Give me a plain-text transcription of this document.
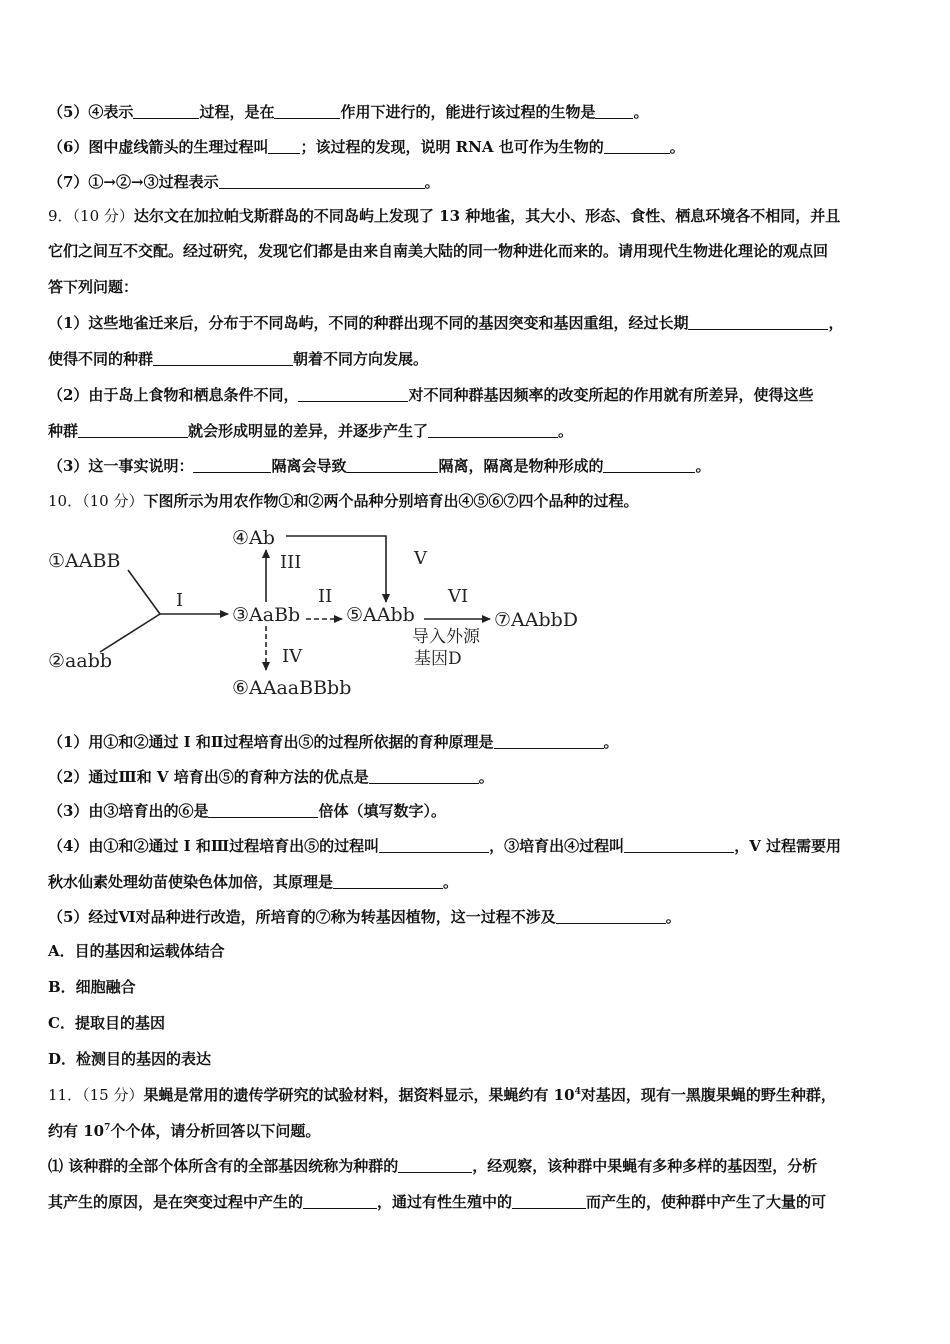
（5）④表示	过程，是在	作用下进行的，能进行该过程的生物是	。
（6）图中虚线箭头的生理过程叫 ；该过程的发现，说明 RNA 也可作为生物的	。
（7）①→②→③过程表示	。
9．（10 分）达尔文在加拉帕戈斯群岛的不同岛屿上发现了 13 种地雀，其大小、形态、食性、栖息环境各不相同，并且
它们之间互不交配。经过研究，发现它们都是由来自南美大陆的同一物种进化而来的。请用现代生物进化理论的观点回
答下列问题：
（1）这些地雀迁来后，分布于不同岛屿，不同的种群出现不同的基因突变和基因重组，经过长期	，
使得不同的种群	朝着不同方向发展。
（2）由于岛上食物和栖息条件不同，	对不同种群基因频率的改变所起的作用就有所差异，使得这些
种群	就会形成明显的差异，并逐步产生了	。
（3）这一事实说明：	隔离会导致	隔离，隔离是物种形成的	。
10．（10 分）下图所示为用农作物①和②两个品种分别培育出④⑤⑥⑦四个品种的过程。
①AABB
②aabb
③AaBb
④Ab
⑤AAbb
⑥AAaaBBbb
⑦AAbbD
I	II
III
IV
V
VI
导入外源
基因D
（1）用①和②通过 I 和Ⅱ过程培育出⑤的过程所依据的育种原理是	。
（2）通过Ⅲ和 V 培育出⑤的育种方法的优点是	。
（3）由③培育出的⑥是	倍体（填写数字）。
（4）由①和②通过 I 和Ⅲ过程培育出⑤的过程叫	，③培育出④过程叫	，V 过程需要用
秋水仙素处理幼苗使染色体加倍，其原理是	。
（5）经过Ⅵ对品种进行改造，所培育的⑦称为转基因植物，这一过程不涉及	。
A．目的基因和运载体结合
B．细胞融合
C．提取目的基因
D．检测目的基因的表达
11．（15 分）果蝇是常用的遗传学研究的试验材料，据资料显示，果蝇约有 $10^4$对基因，现有一黑腹果蝇的野生种群，
约有 $10^7$个个体，请分析回答以下问题。
⑴ 该种群的全部个体所含有的全部基因统称为种群的	，经观察，该种群中果蝇有多种多样的基因型，分析
其产生的原因，是在突变过程中产生的	，通过有性生殖中的	而产生的，使种群中产生了大量的可
